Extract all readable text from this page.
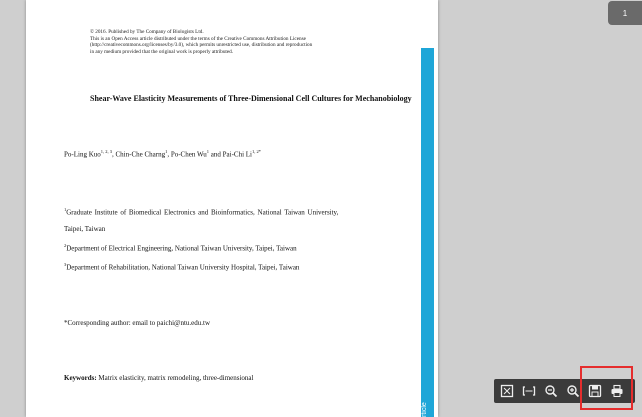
© 2016. Published by The Company of Biologists Ltd.
This is an Open Access article distributed under the terms of the Creative Commons Attribution License
(http://creativecommons.org/licenses/by/3.0), which permits unrestricted use, distribution and reproduction
in any medium provided that the original work is properly attributed.
Shear-Wave Elasticity Measurements of Three-Dimensional Cell Cultures for Mechanobiology
Po-Ling Kuo$^{1, 2, 3}$, Chin-Che Charng$^1$, Po-Chen Wu$^1$ and Pai-Chi $Li^{1, 2*}$
$^1$Graduate Institute of Biomedical Electronics and Bioinformatics, National Taiwan University,
Taipei, Taiwan
$^2$Department of Electrical Engineering, National Taiwan University, Taipei, Taiwan
$^3$Department of Rehabilitation, National Taiwan University Hospital, Taipei, Taiwan
*Corresponding author: email to paichi@ntu.edu.tw
Keywords: Matrix elasticity, matrix remodeling, three-dimensional
rticle
1
